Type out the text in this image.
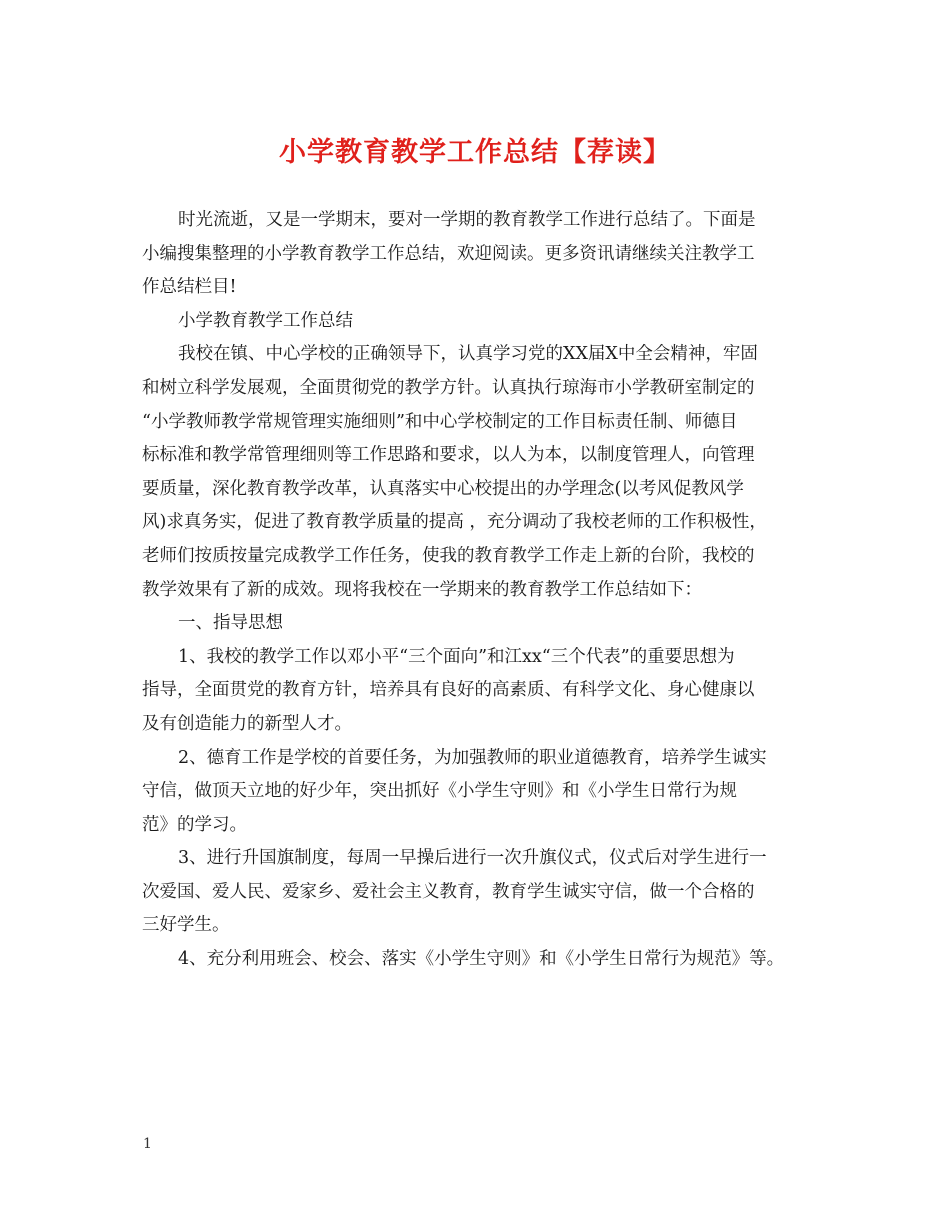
小学教育教学工作总结【荐读】
时光流逝，又是一学期末，要对一学期的教育教学工作进行总结了。下面是
小编搜集整理的小学教育教学工作总结，欢迎阅读。更多资讯请继续关注教学工
作总结栏目!
小学教育教学工作总结
我校在镇、中心学校的正确领导下，认真学习党的XX届X中全会精神，牢固
和树立科学发展观，全面贯彻党的教学方针。认真执行琼海市小学教研室制定的
“小学教师教学常规管理实施细则”和中心学校制定的工作目标责任制、师德目
标标准和教学常管理细则等工作思路和要求，以人为本，以制度管理人，向管理
要质量，深化教育教学改革，认真落实中心校提出的办学理念(以考风促教风学
风)求真务实，促进了教育教学质量的提高 ，充分调动了我校老师的工作积极性，
老师们按质按量完成教学工作任务，使我的教育教学工作走上新的台阶，我校的
教学效果有了新的成效。现将我校在一学期来的教育教学工作总结如下：
一、指导思想
1、我校的教学工作以邓小平“三个面向”和江xx“三个代表”的重要思想为
指导，全面贯党的教育方针，培养具有良好的高素质、有科学文化、身心健康以
及有创造能力的新型人才。
2、德育工作是学校的首要任务，为加强教师的职业道德教育，培养学生诚实
守信，做顶天立地的好少年，突出抓好《小学生守则》和《小学生日常行为规
范》的学习。
3、进行升国旗制度，每周一早操后进行一次升旗仪式，仪式后对学生进行一
次爱国、爱人民、爱家乡、爱社会主义教育，教育学生诚实守信，做一个合格的
三好学生。
4、充分利用班会、校会、落实《小学生守则》和《小学生日常行为规范》等。
1
